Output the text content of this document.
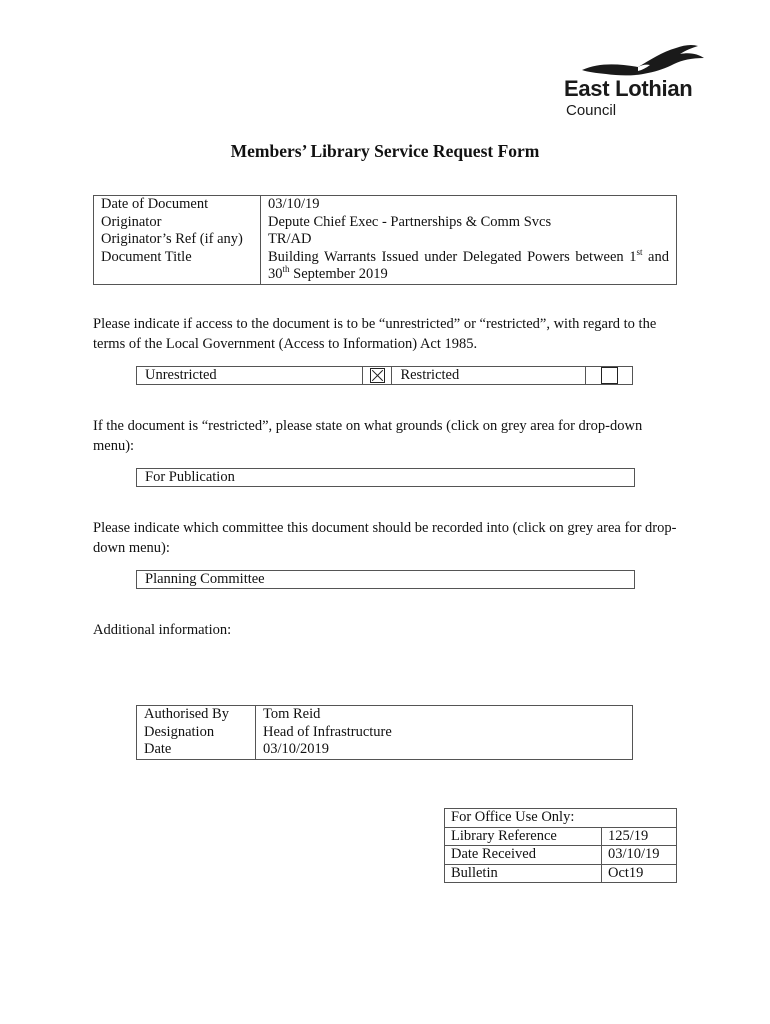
East Lothian
Council
Members’ Library Service Request Form
Date of Document	03/10/19
Originator	Depute Chief Exec - Partnerships & Comm Svcs
Originator’s Ref (if any)	TR/AD
Document Title	Building Warrants Issued under Delegated Powers between 1st and 30th September 2019
Please indicate if access to the document is to be “unrestricted” or “restricted”, with regard to the terms of the Local Government (Access to Information) Act 1985.
Unrestricted		Restricted	
If the document is “restricted”, please state on what grounds (click on grey area for drop-down menu):
For Publication
Please indicate which committee this document should be recorded into (click on grey area for drop-down menu):
Planning Committee
Additional information:
Authorised By	Tom Reid
Designation	Head of Infrastructure
Date	03/10/2019
For Office Use Only:	
Library Reference	125/19
Date Received	03/10/19
Bulletin	Oct19
